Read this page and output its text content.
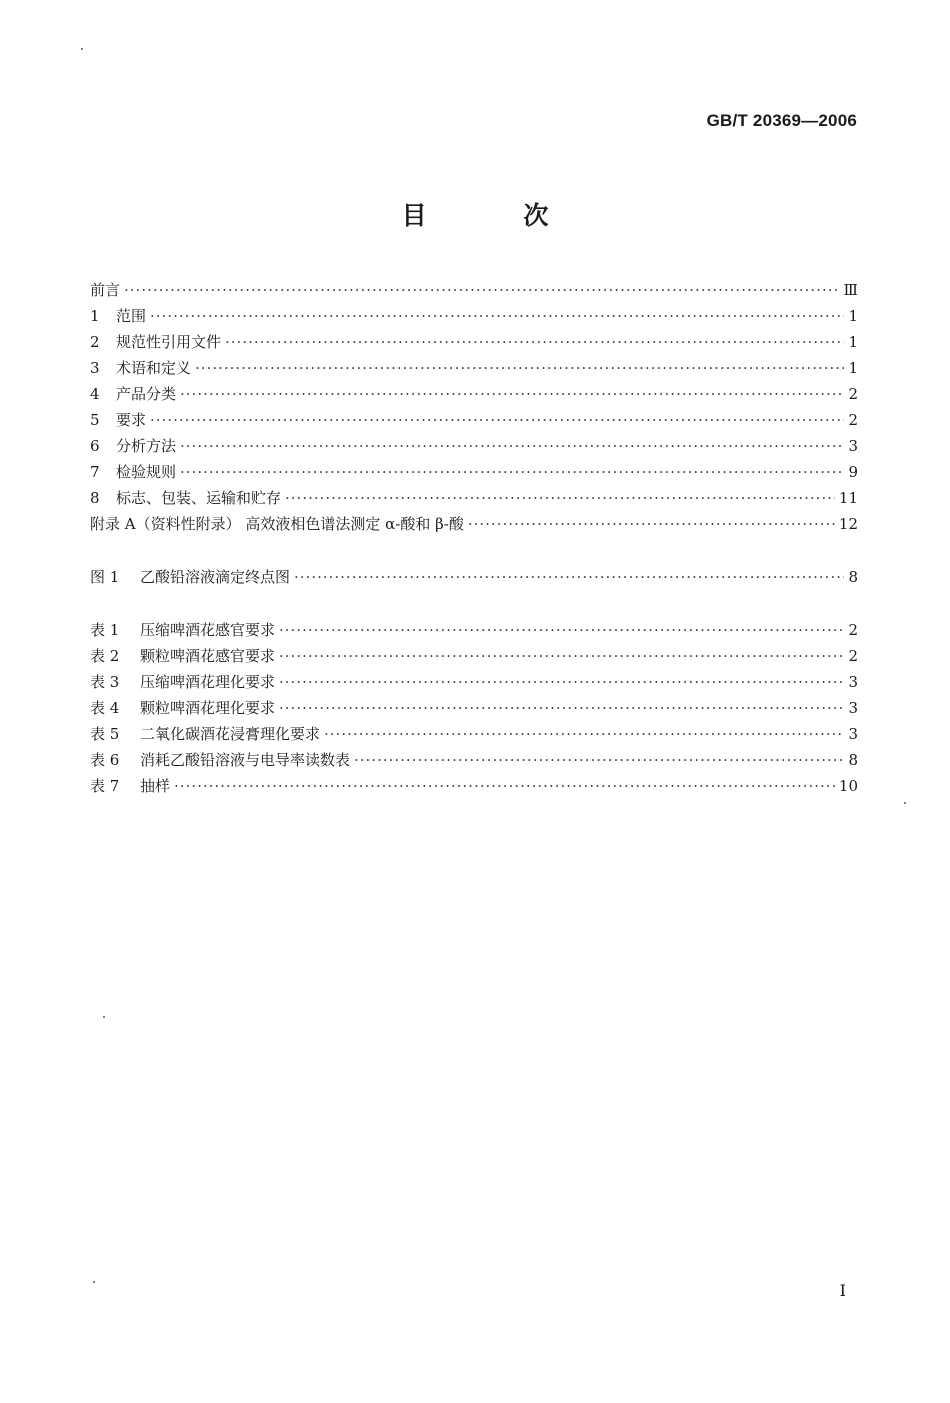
GB/T 20369—2006
目 次
前言 ·····	Ⅲ
1 范围 ·····	1
2 规范性引用文件 ·····	1
3 术语和定义 ·····	1
4 产品分类 ·····	2
5 要求 ·····	2
6 分析方法 ·····	3
7 检验规则 ·····	9
8 标志、包装、运输和贮存 ·····	11
附录 A（资料性附录） 高效液相色谱法测定 α-酸和 β-酸 ·····	12
图 1 乙酸铅溶液滴定终点图 ·····	8
表 1 压缩啤酒花感官要求 ·····	2
表 2 颗粒啤酒花感官要求 ·····	2
表 3 压缩啤酒花理化要求 ·····	3
表 4 颗粒啤酒花理化要求 ·····	3
表 5 二氧化碳酒花浸膏理化要求 ·····	3
表 6 消耗乙酸铅溶液与电导率读数表 ·····	8
表 7 抽样 ·····	10
I
